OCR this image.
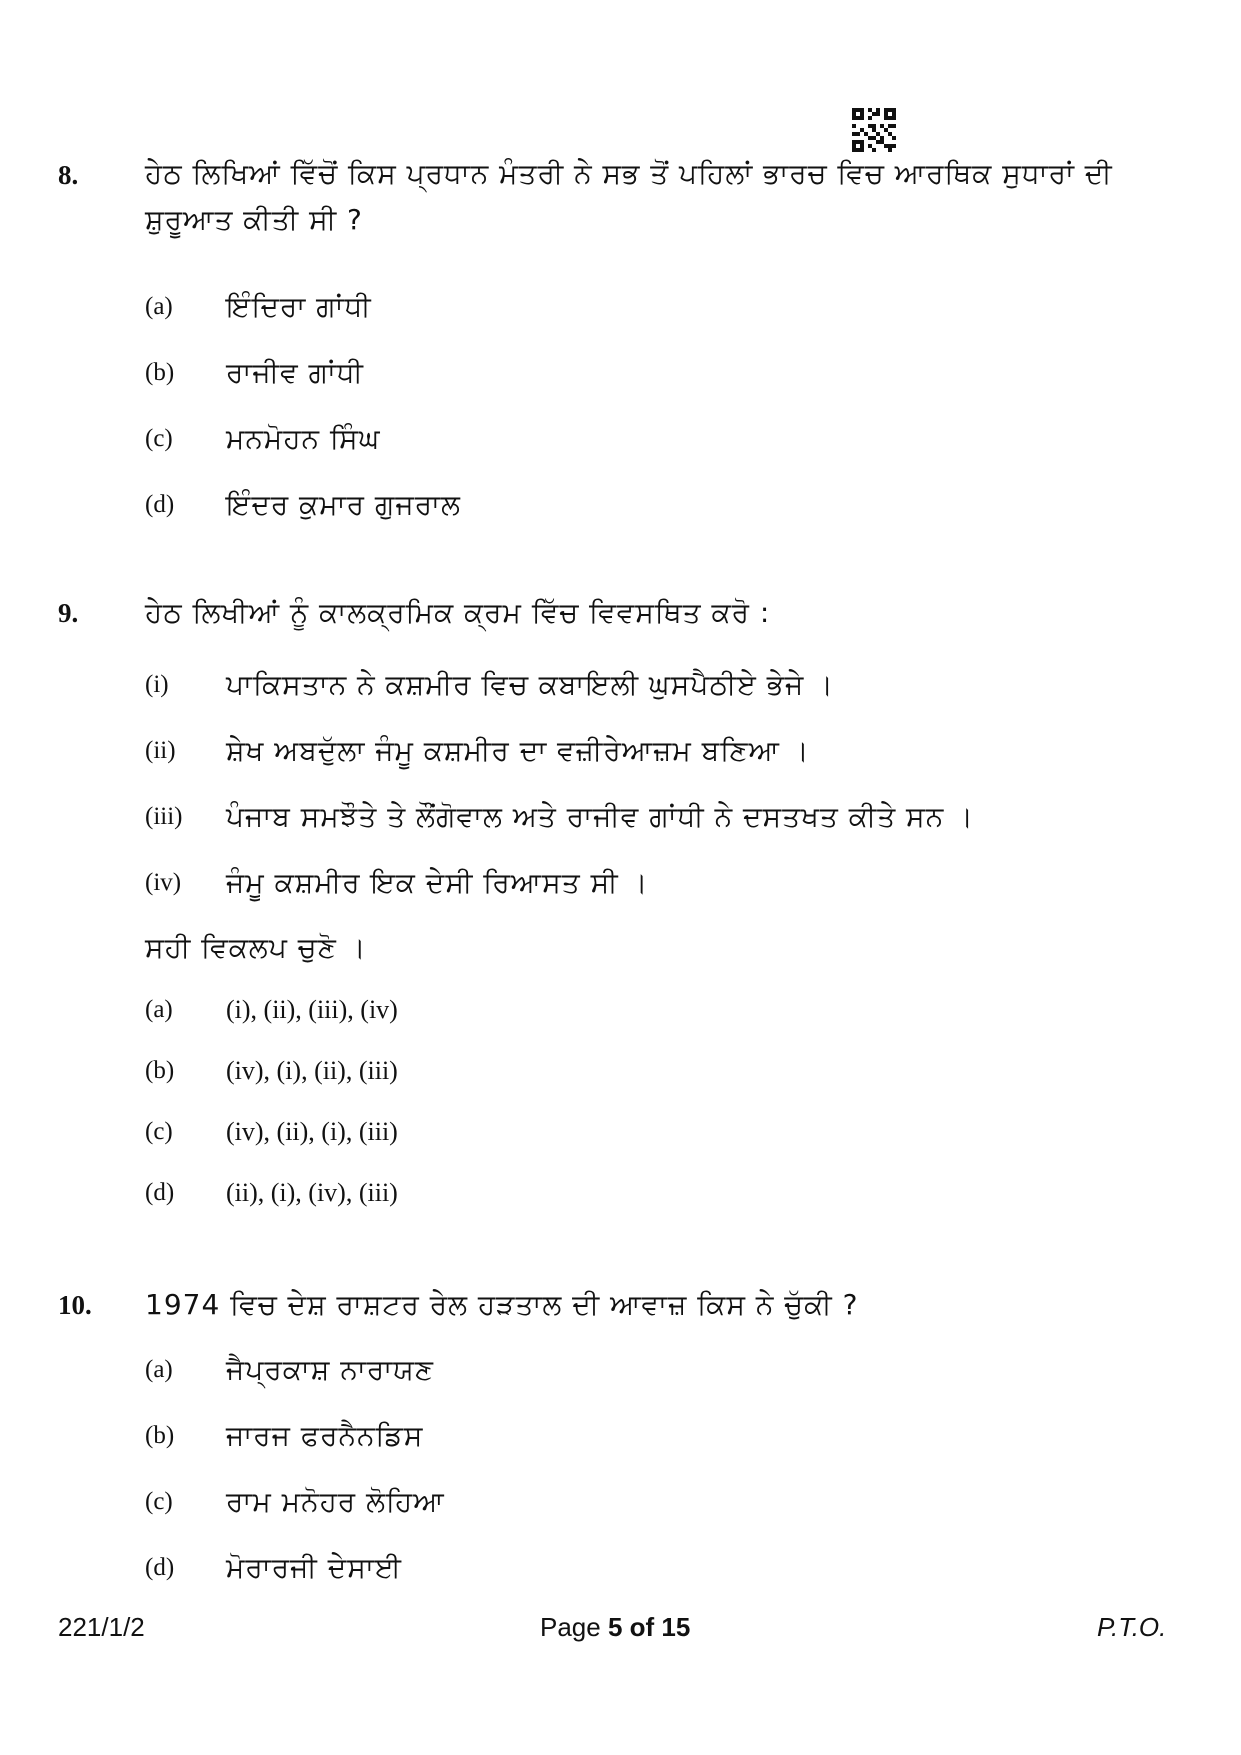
8.	ਹੇਠ ਲਿਖਿਆਂ ਵਿੱਚੋਂ ਕਿਸ ਪ੍ਰਧਾਨ ਮੰਤਰੀ ਨੇ ਸਭ ਤੋਂ ਪਹਿਲਾਂ ਭਾਰਚ ਵਿਚ ਆਰਥਿਕ ਸੁਧਾਰਾਂ ਦੀ ਸ਼ੁਰੂਆਤ ਕੀਤੀ ਸੀ ?
(a)	ਇੰਦਿਰਾ ਗਾਂਧੀ
(b)	ਰਾਜੀਵ ਗਾਂਧੀ
(c)	ਮਨਮੋਹਨ ਸਿੰਘ
(d)	ਇੰਦਰ ਕੁਮਾਰ ਗੁਜਰਾਲ
9.	ਹੇਠ ਲਿਖੀਆਂ ਨੂੰ ਕਾਲਕ੍ਰਮਿਕ ਕ੍ਰਮ ਵਿੱਚ ਵਿਵਸਥਿਤ ਕਰੋ :
(i)	ਪਾਕਿਸਤਾਨ ਨੇ ਕਸ਼ਮੀਰ ਵਿਚ ਕਬਾਇਲੀ ਘੁਸਪੈਠੀਏ ਭੇਜੇ ।
(ii)	ਸ਼ੇਖ ਅਬਦੁੱਲਾ ਜੰਮੂ ਕਸ਼ਮੀਰ ਦਾ ਵਜ਼ੀਰੇਆਜ਼ਮ ਬਣਿਆ ।
(iii)	ਪੰਜਾਬ ਸਮਝੌਤੇ ਤੇ ਲੌਂਗੋਵਾਲ ਅਤੇ ਰਾਜੀਵ ਗਾਂਧੀ ਨੇ ਦਸਤਖਤ ਕੀਤੇ ਸਨ ।
(iv)	ਜੰਮੂ ਕਸ਼ਮੀਰ ਇਕ ਦੇਸੀ ਰਿਆਸਤ ਸੀ ।
ਸਹੀ ਵਿਕਲਪ ਚੁਣੋ ।
(a)	(i), (ii), (iii), (iv)
(b)	(iv), (i), (ii), (iii)
(c)	(iv), (ii), (i), (iii)
(d)	(ii), (i), (iv), (iii)
10.	1974 ਵਿਚ ਦੇਸ਼ ਰਾਸ਼ਟਰ ਰੇਲ ਹੜਤਾਲ ਦੀ ਆਵਾਜ਼ ਕਿਸ ਨੇ ਚੁੱਕੀ ?
(a)	ਜੈਪ੍ਰਕਾਸ਼ ਨਾਰਾਯਣ
(b)	ਜਾਰਜ ਫਰਨੈਨਡਿਸ
(c)	ਰਾਮ ਮਨੋਹਰ ਲੋਹਿਆ
(d)	ਮੋਰਾਰਜੀ ਦੇਸਾਈ
221/1/2	Page 5 of 15	P.T.O.
